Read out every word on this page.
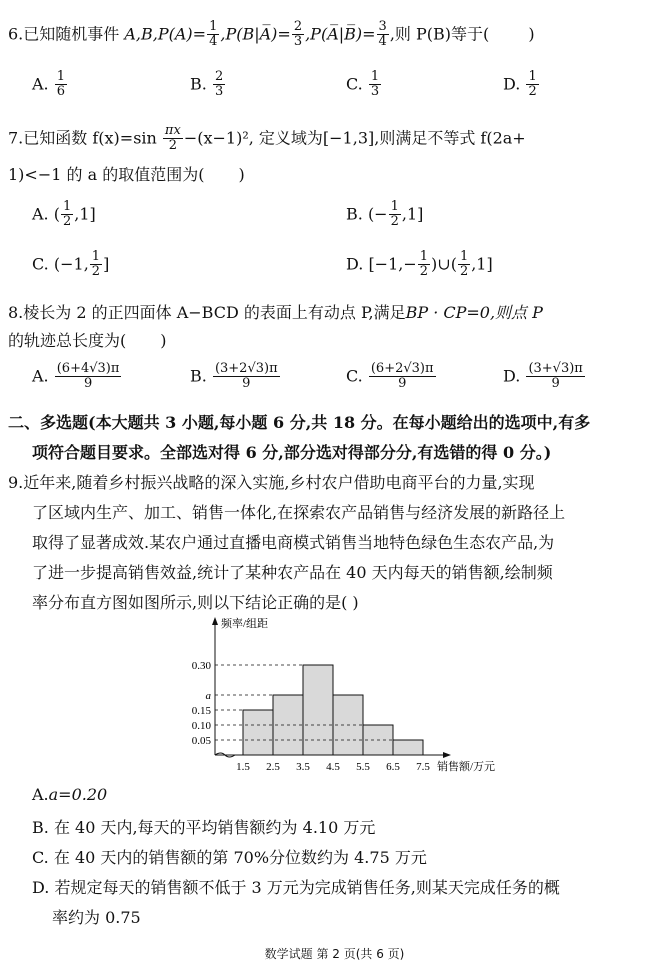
6.已知随机事件 $A,B,P(A)= \frac{1}{4}$ ,P(B|A̅)= $\frac{2}{3}$ ,P(A̅|B̅)= $\frac{3}{4}$ ,则 P(B)等于( )
A. $\frac{1}{6}$	B. $\frac{2}{3}$	C. $\frac{1}{3}$	D. $\frac{1}{2}$
7.已知函数 $f(x)=\sin \frac{\pi x}{2} -(x-1)^2$, 定义域为[−1,3],则满足不等式 f(2a+
1)<−1 的 a 的取值范围为( )
A. ( $\frac{1}{2} ,1$]	B. (− $\frac{1}{2} ,1$]
C. (−1, $\frac{1}{2}$ ]	D. [$-1,- \frac{1}{2}$ )∪( $\frac{1}{2} ,1$]
8.棱长为 2 的正四面体 A−BCD 的表面上有动点 P,满足BP · CP=0,则点 P
的轨迹总长度为( )
A. $\frac{(6+4√3)\pi}{9}$	B. $\frac{(3+2√3)\pi}{9}$	C. $\frac{(6+2√3)\pi}{9}$	D. $\frac{(3+√3)\pi}{9}$
二、多选题(本大题共 3 小题,每小题 6 分,共 18 分。在每小题给出的选项中,有多
项符合题目要求。全部选对得 6 分,部分选对得部分分,有选错的得 0 分。)
9.近年来,随着乡村振兴战略的深入实施,乡村农户借助电商平台的力量,实现
了区域内生产、加工、销售一体化,在探索农产品销售与经济发展的新路径上
取得了显著成效.某农户通过直播电商模式销售当地特色绿色生态农产品,为
了进一步提高销售效益,统计了某种农产品在 40 天内每天的销售额,绘制频
率分布直方图如图所示,则以下结论正确的是( )
0.30
a
0.15
0.10
0.05
1.5 2.5 3.5 4.5 5.5 6.5 7.5
频率/组距
销售额/万元
A.a=0.20
B. 在 40 天内,每天的平均销售额约为 4.10 万元
C. 在 40 天内的销售额的第 70%分位数约为 4.75 万元
D. 若规定每天的销售额不低于 3 万元为完成销售任务,则某天完成任务的概
率约为 0.75
数学试题 第 2 页(共 6 页)
